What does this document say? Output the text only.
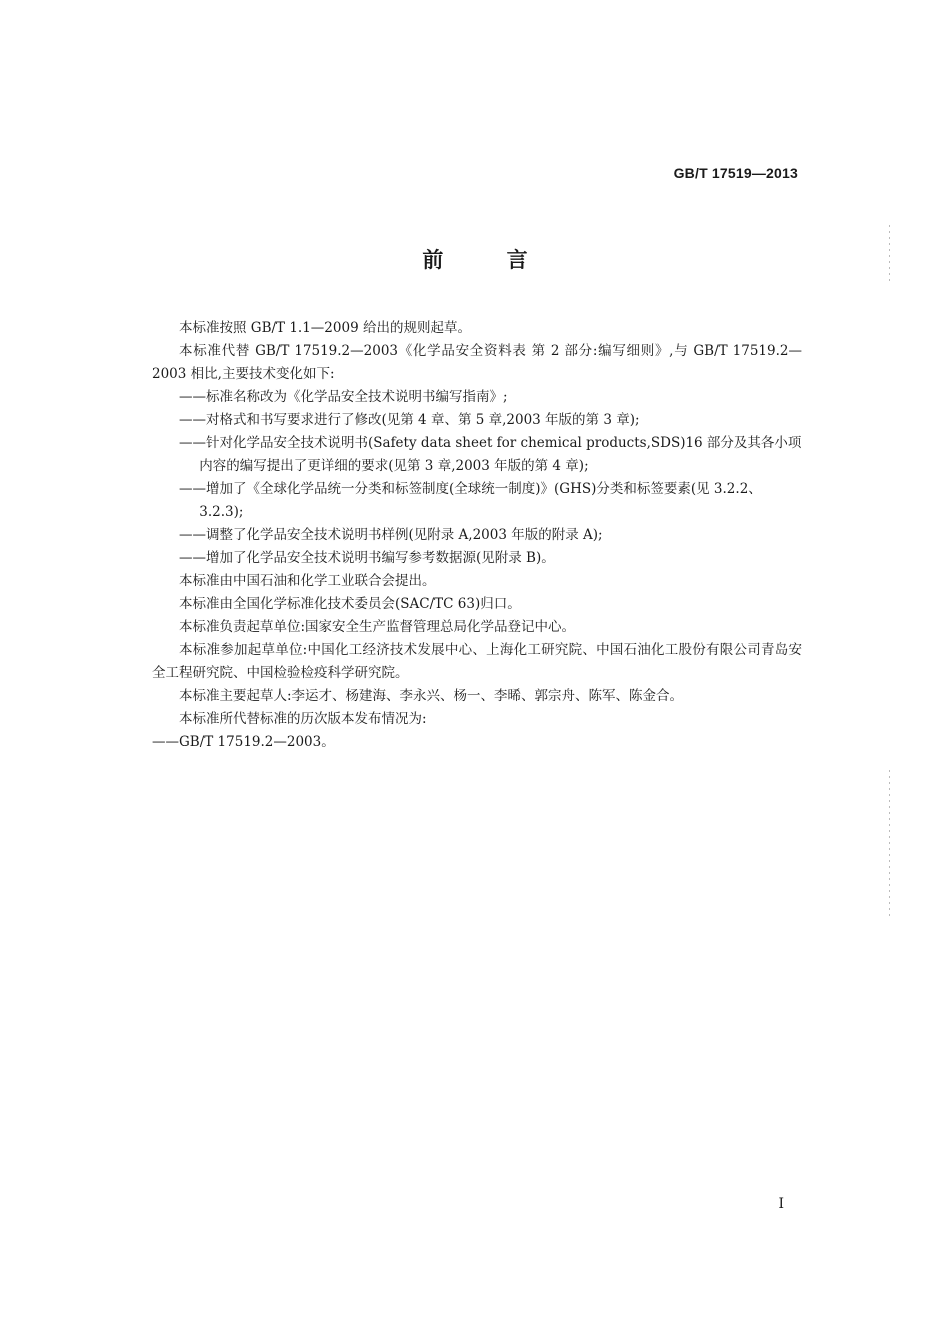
GB/T 17519—2013
前 言

本标准按照 GB/T 1.1—2009 给出的规则起草。

本标准代替 GB/T 17519.2—2003《化学品安全资料表 第 2 部分:编写细则》,与 GB/T 17519.2—2003 相比,主要技术变化如下:

——标准名称改为《化学品安全技术说明书编写指南》;

——对格式和书写要求进行了修改(见第 4 章、第 5 章,2003 年版的第 3 章);

——针对化学品安全技术说明书(Safety data sheet for chemical products,SDS)16 部分及其各小项内容的编写提出了更详细的要求(见第 3 章,2003 年版的第 4 章);

——增加了《全球化学品统一分类和标签制度(全球统一制度)》(GHS)分类和标签要素(见 3.2.2、3.2.3);

——调整了化学品安全技术说明书样例(见附录 A,2003 年版的附录 A);

——增加了化学品安全技术说明书编写参考数据源(见附录 B)。

本标准由中国石油和化学工业联合会提出。

本标准由全国化学标准化技术委员会(SAC/TC 63)归口。

本标准负责起草单位:国家安全生产监督管理总局化学品登记中心。

本标准参加起草单位:中国化工经济技术发展中心、上海化工研究院、中国石油化工股份有限公司青岛安全工程研究院、中国检验检疫科学研究院。

本标准主要起草人:李运才、杨建海、李永兴、杨一、李晞、郭宗舟、陈军、陈金合。

本标准所代替标准的历次版本发布情况为:

——GB/T 17519.2—2003。

I
